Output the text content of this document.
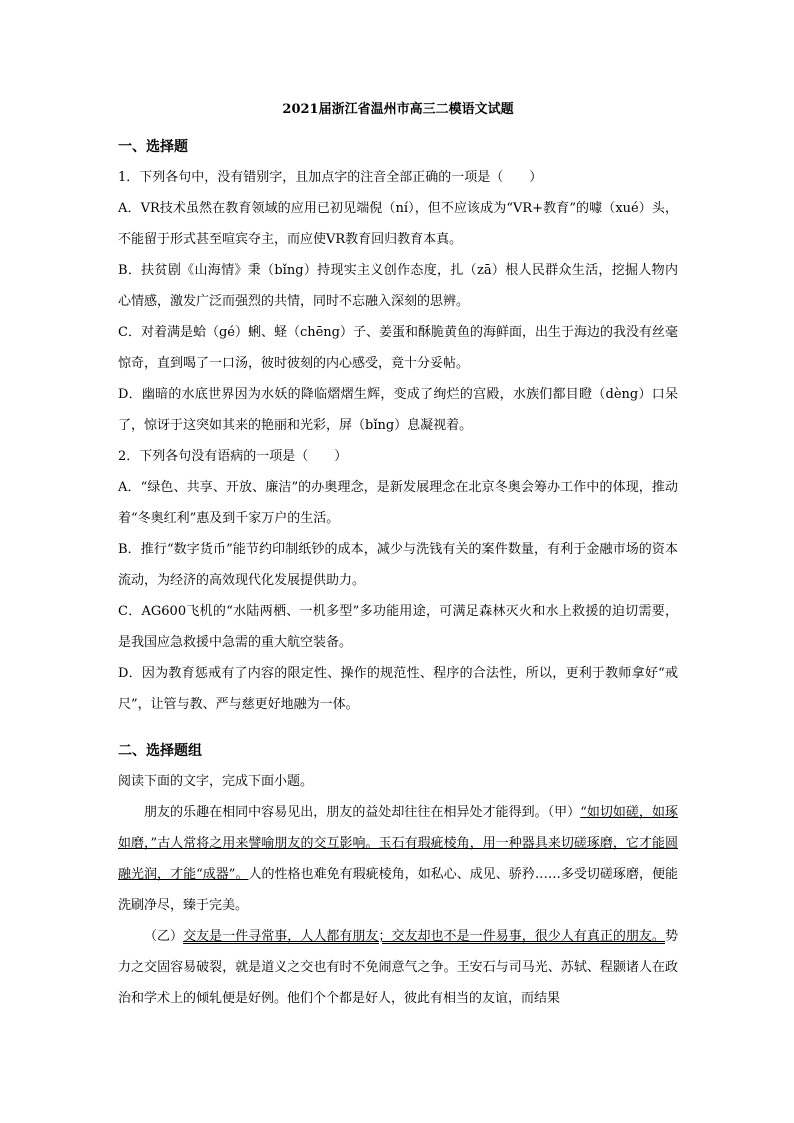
2021届浙江省温州市高三二模语文试题
一、选择题

1．下列各句中，没有错别字，且加点字的注音全部正确的一项是（　　）

A．VR技术虽然在教育领域的应用已初见端倪（ní），但不应该成为“VR+教育”的噱（xué）头，不能留于形式甚至喧宾夺主，而应使VR教育回归教育本真。

B．扶贫剧《山海情》秉（bǐng）持现实主义创作态度，扎（zā）根人民群众生活，挖掘人物内心情感，激发广泛而强烈的共情，同时不忘融入深刻的思辨。

C．对着满是蛤（gé）蜊、蛏（chēng）子、姜蛋和酥脆黄鱼的海鲜面，出生于海边的我没有丝毫惊奇，直到喝了一口汤，彼时彼刻的内心感受，竟十分妥帖。

D．幽暗的水底世界因为水妖的降临熠熠生辉，变成了绚烂的宫殿，水族们都目瞪（dèng）口呆了，惊讶于这突如其来的艳丽和光彩，屏（bǐng）息凝视着。

2．下列各句没有语病的一项是（　　）

A．“绿色、共享、开放、廉洁”的办奥理念，是新发展理念在北京冬奥会筹办工作中的体现，推动着“冬奥红利”惠及到千家万户的生活。

B．推行“数字货币”能节约印制纸钞的成本，减少与洗钱有关的案件数量，有利于金融市场的资本流动，为经济的高效现代化发展提供助力。

C．AG600飞机的“水陆两栖、一机多型”多功能用途，可满足森林灭火和水上救援的迫切需要，是我国应急救援中急需的重大航空装备。

D．因为教育惩戒有了内容的限定性、操作的规范性、程序的合法性，所以，更利于教师拿好“戒尺”，让管与教、严与慈更好地融为一体。

二、选择题组

阅读下面的文字，完成下面小题。

朋友的乐趣在相同中容易见出，朋友的益处却往往在相异处才能得到。（甲）“如切如磋，如琢如磨，”古人常将之用来譬喻朋友的交互影响。玉石有瑕疵棱角，用一种器具来切磋琢磨，它才能圆融光润，才能“成器”。人的性格也难免有瑕疵棱角，如私心、成见、骄矜……多受切磋琢磨，便能洗刷净尽，臻于完美。

（乙）交友是一件寻常事，人人都有朋友；交友却也不是一件易事，很少人有真正的朋友。势力之交固容易破裂，就是道义之交也有时不免闹意气之争。王安石与司马光、苏轼、程颢诸人在政治和学术上的倾轧便是好例。他们个个都是好人，彼此有相当的友谊，而结果
